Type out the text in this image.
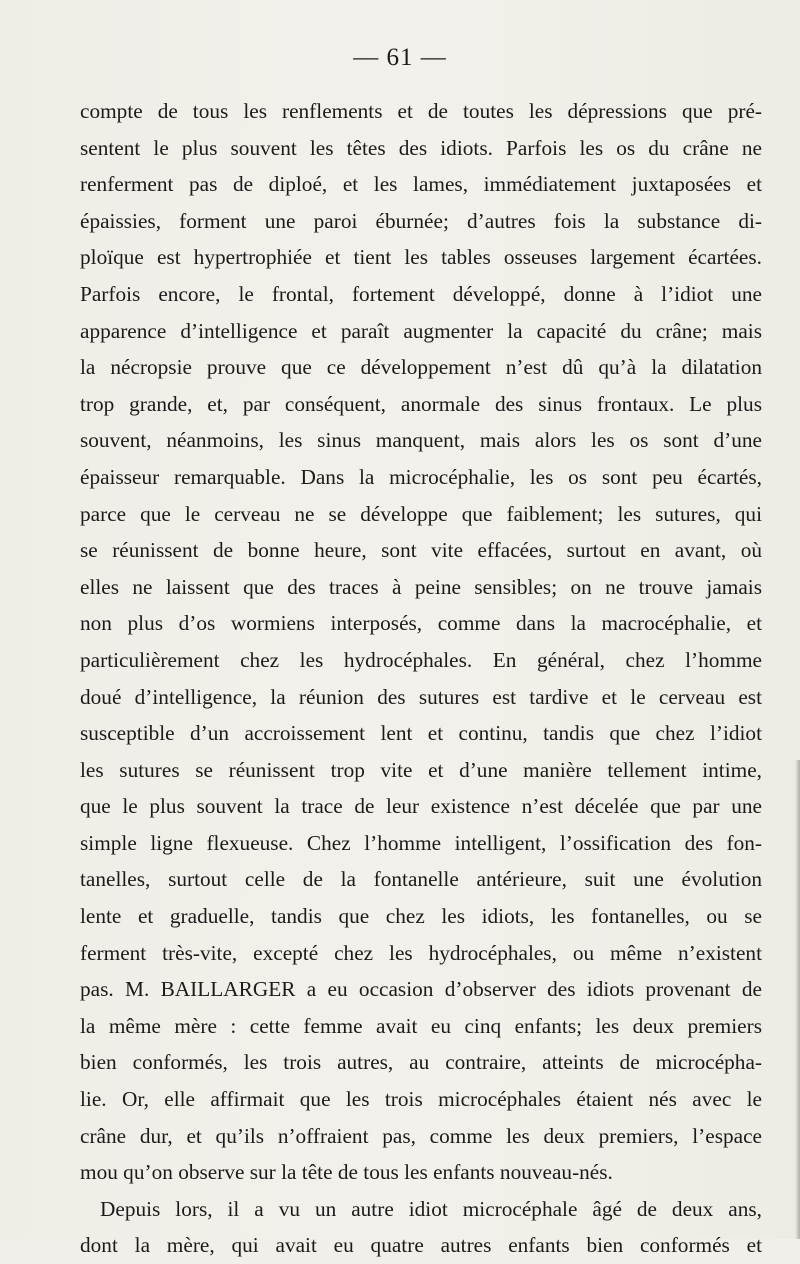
— 61 —
compte de tous les renflements et de toutes les dépressions que pré-
sentent le plus souvent les têtes des idiots. Parfois les os du crâne ne
renferment pas de diploé, et les lames, immédiatement juxtaposées et
épaissies, forment une paroi éburnée; d’autres fois la substance di-
ploïque est hypertrophiée et tient les tables osseuses largement écartées.
Parfois encore, le frontal, fortement développé, donne à l’idiot une
apparence d’intelligence et paraît augmenter la capacité du crâne; mais
la nécropsie prouve que ce développement n’est dû qu’à la dilatation
trop grande, et, par conséquent, anormale des sinus frontaux. Le plus
souvent, néanmoins, les sinus manquent, mais alors les os sont d’une
épaisseur remarquable. Dans la microcéphalie, les os sont peu écartés,
parce que le cerveau ne se développe que faiblement; les sutures, qui
se réunissent de bonne heure, sont vite effacées, surtout en avant, où
elles ne laissent que des traces à peine sensibles; on ne trouve jamais
non plus d’os wormiens interposés, comme dans la macrocéphalie, et
particulièrement chez les hydrocéphales. En général, chez l’homme
doué d’intelligence, la réunion des sutures est tardive et le cerveau est
susceptible d’un accroissement lent et continu, tandis que chez l’idiot
les sutures se réunissent trop vite et d’une manière tellement intime,
que le plus souvent la trace de leur existence n’est décelée que par une
simple ligne flexueuse. Chez l’homme intelligent, l’ossification des fon-
tanelles, surtout celle de la fontanelle antérieure, suit une évolution
lente et graduelle, tandis que chez les idiots, les fontanelles, ou se
ferment très-vite, excepté chez les hydrocéphales, ou même n’existent
pas. M. BAILLARGER a eu occasion d’observer des idiots provenant de
la même mère : cette femme avait eu cinq enfants; les deux premiers
bien conformés, les trois autres, au contraire, atteints de microcépha-
lie. Or, elle affirmait que les trois microcéphales étaient nés avec le
crâne dur, et qu’ils n’offraient pas, comme les deux premiers, l’espace
mou qu’on observe sur la tête de tous les enfants nouveau-nés.
Depuis lors, il a vu un autre idiot microcéphale âgé de deux ans,
dont la mère, qui avait eu quatre autres enfants bien conformés et
